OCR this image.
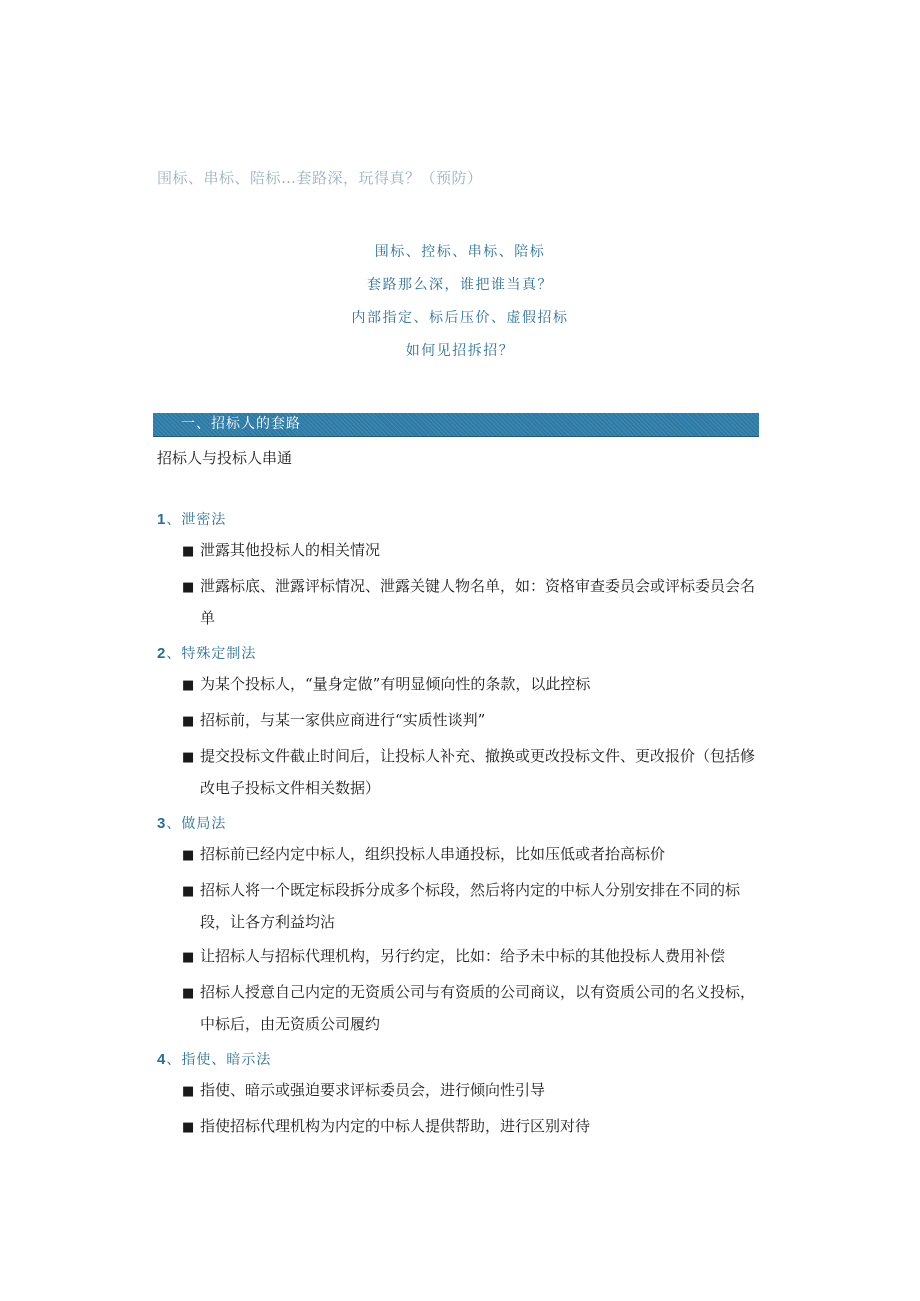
围标、串标、陪标…套路深，玩得真？（预防）
围标、控标、串标、陪标
套路那么深，谁把谁当真？
内部指定、标后压价、虚假招标
如何见招拆招？
一、招标人的套路
招标人与投标人串通
1、泄密法
■ 泄露其他投标人的相关情况
■ 泄露标底、泄露评标情况、泄露关键人物名单，如：资格审查委员会或评标委员会名单
2、特殊定制法
■ 为某个投标人，“量身定做”有明显倾向性的条款，以此控标
■ 招标前，与某一家供应商进行“实质性谈判”
■ 提交投标文件截止时间后，让投标人补充、撤换或更改投标文件、更改报价（包括修改电子投标文件相关数据）
3、做局法
■ 招标前已经内定中标人，组织投标人串通投标，比如压低或者抬高标价
■ 招标人将一个既定标段拆分成多个标段，然后将内定的中标人分别安排在不同的标段，让各方利益均沾
■ 让招标人与招标代理机构，另行约定，比如：给予未中标的其他投标人费用补偿
■ 招标人授意自己内定的无资质公司与有资质的公司商议，以有资质公司的名义投标，中标后，由无资质公司履约
4、指使、暗示法
■ 指使、暗示或强迫要求评标委员会，进行倾向性引导
■ 指使招标代理机构为内定的中标人提供帮助，进行区别对待
